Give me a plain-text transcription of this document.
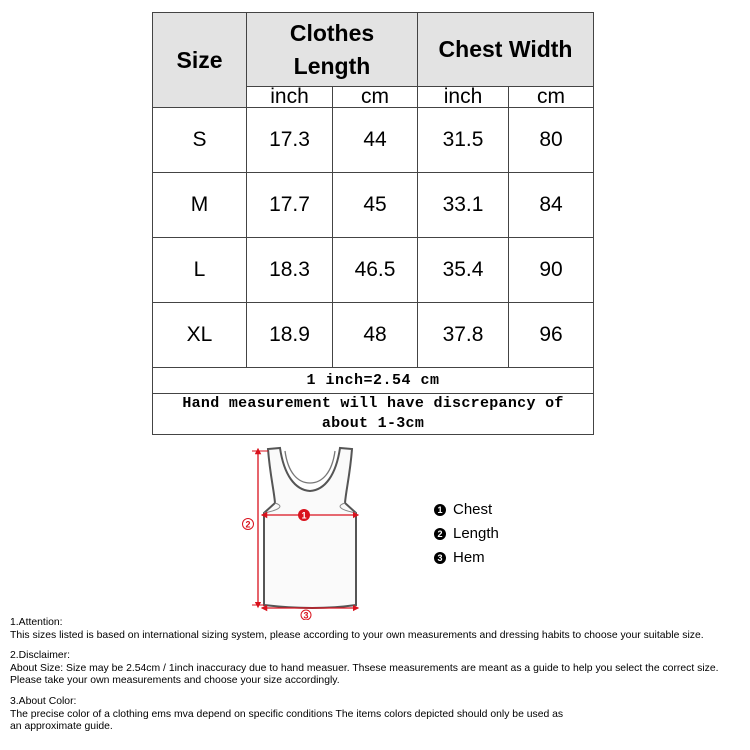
Size	Clothes Length		Chest Width	
	inch	cm	inch	cm
S	17.3	44	31.5	80
M	17.7	45	33.1	84
L	18.3	46.5	35.4	90
XL	18.9	48	37.8	96
1 inch=2.54 cm				

Hand measurement will have discrepancy of about 1-3cm				
1
2
3
1 Chest
2 Length
3 Hem

1.Attention:

This sizes listed is based on international sizing system, please according to your own measurements and dressing habits to choose your suitable size.

2.Disclaimer:

About Size: Size may be 2.54cm / 1inch inaccuracy due to hand measuer. Thsese measurements are meant as a guide to help you select the correct size.

Please take your own measurements and choose your size accordingly.

3.About Color:

The precise color of a clothing ems mva depend on specific conditions The items colors depicted should only be used as

an approximate guide.
